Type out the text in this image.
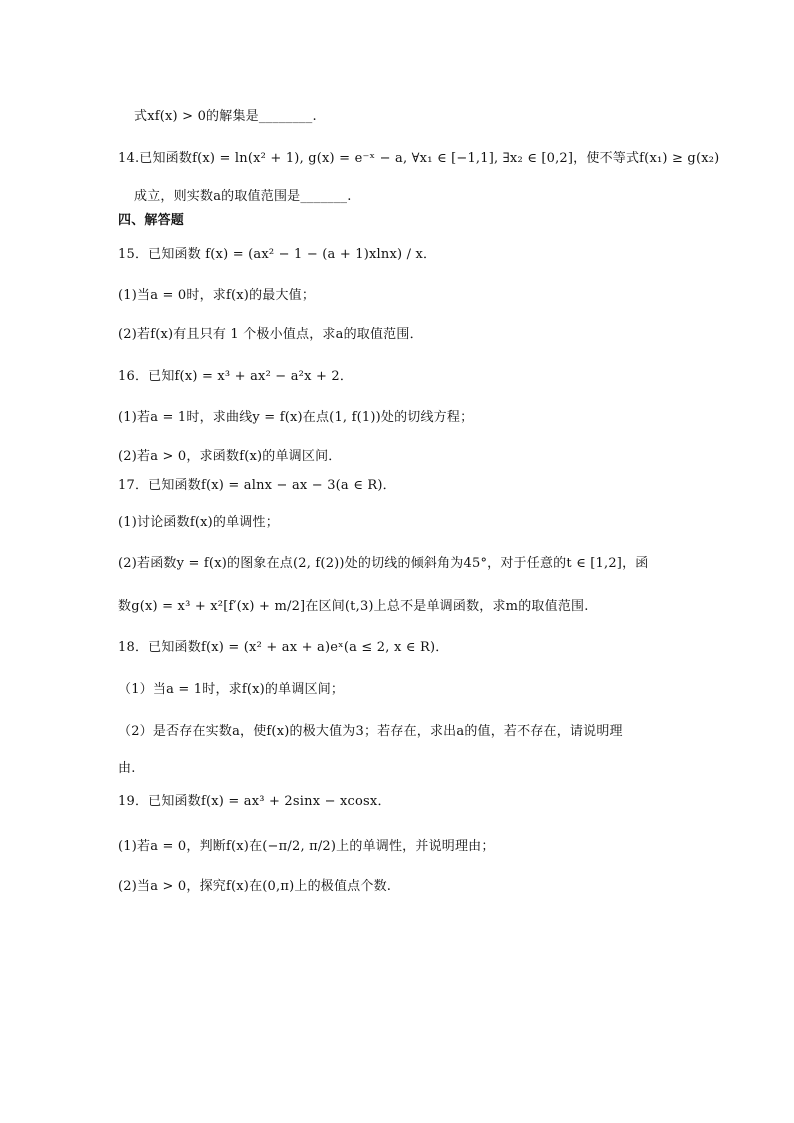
式xf(x) > 0的解集是________.
14.已知函数f(x) = ln(x² + 1), g(x) = e⁻ˣ − a, ∀x₁ ∈ [−1,1], ∃x₂ ∈ [0,2]，使不等式f(x₁) ≥ g(x₂)
成立，则实数a的取值范围是_______.
四、解答题
15．已知函数 f(x) = (ax² − 1 − (a + 1)xlnx) / x．
(1)当a = 0时，求f(x)的最大值；
(2)若f(x)有且只有 1 个极小值点，求a的取值范围．
16．已知f(x) = x³ + ax² − a²x + 2．
(1)若a = 1时，求曲线y = f(x)在点(1, f(1))处的切线方程；
(2)若a > 0，求函数f(x)的单调区间．
17．已知函数f(x) = alnx − ax − 3(a ∈ R)．
(1)讨论函数f(x)的单调性；
(2)若函数y = f(x)的图象在点(2, f(2))处的切线的倾斜角为45°，对于任意的t ∈ [1,2]，函
数g(x) = x³ + x²[f′(x) + m/2]在区间(t,3)上总不是单调函数，求m的取值范围.
18．已知函数f(x) = (x² + ax + a)eˣ(a ≤ 2, x ∈ R)．
（1）当a = 1时，求f(x)的单调区间；
（2）是否存在实数a，使f(x)的极大值为3；若存在，求出a的值，若不存在，请说明理
由.
19．已知函数f(x) = ax³ + 2sinx − xcosx．
(1)若a = 0，判断f(x)在(−π/2, π/2)上的单调性，并说明理由；
(2)当a > 0，探究f(x)在(0,π)上的极值点个数.
